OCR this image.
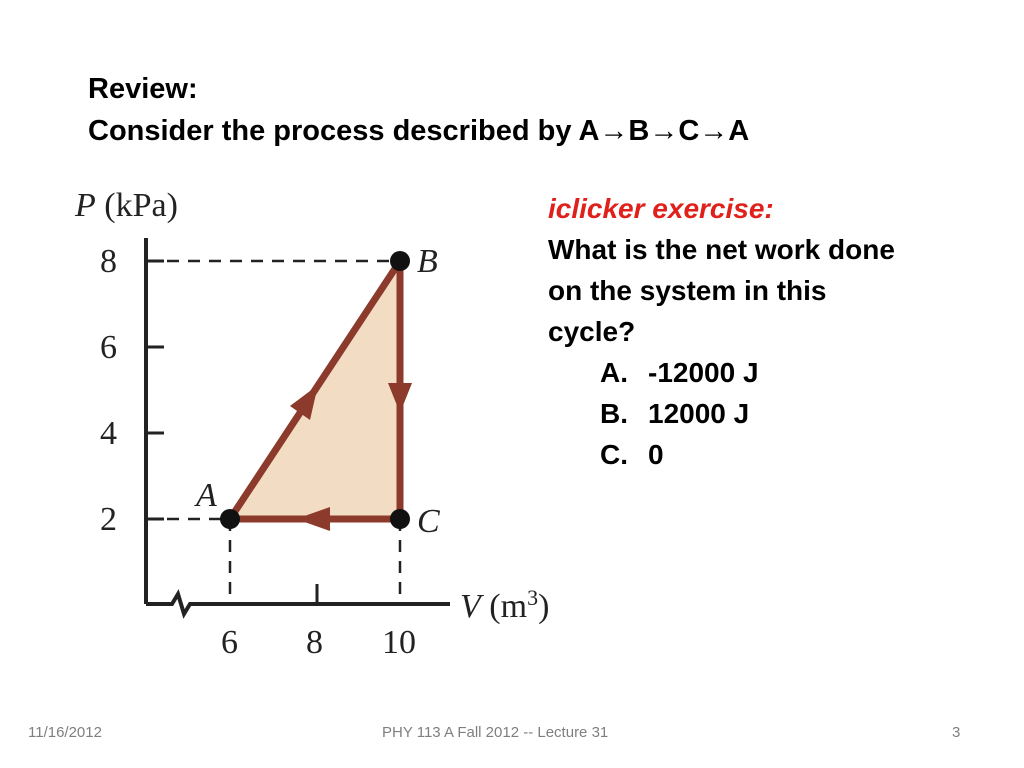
Review:
Consider the process described by A→B→C→A
P (kPa)
8
6
4
2
6 8 10
V $(m^3)$
A
B
C
iclicker exercise:
What is the net work done
on the system in this
cycle?
A. -12000 J
B. 12000 J
C. 0
11/16/2012	PHY 113 A Fall 2012 -- Lecture 31	3
